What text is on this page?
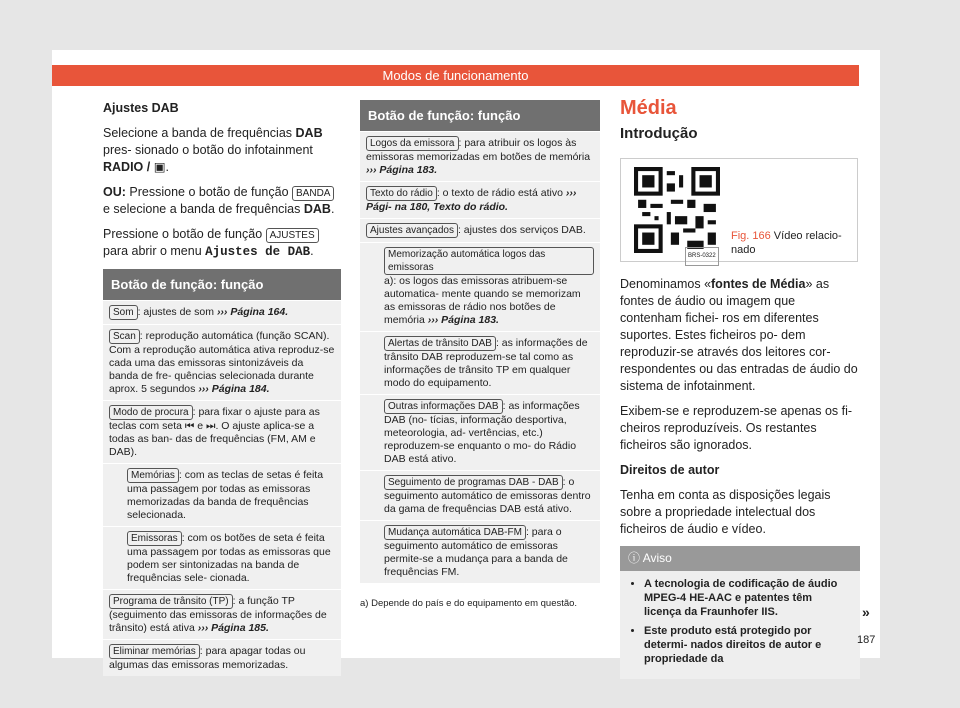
Modos de funcionamento

Ajustes DAB

Selecione a banda de frequências DAB pres- sionado o botão do infotainment RADIO / ▣.

OU: Pressione o botão de função BANDA e selecione a banda de frequências DAB.

Pressione o botão de função AJUSTES para abrir o menu Ajustes de DAB.

Botão de função: função
Som : ajustes de som ››› Página 164.
Scan : reprodução automática (função SCAN). Com a reprodução automática ativa reproduz-se cada uma das emissoras sintonizáveis da banda de fre- quências selecionada durante aprox. 5 segundos ››› Página 184.
Modo de procura : para fixar o ajuste para as teclas com seta ⏮ e ⏭. O ajuste aplica-se a todas as ban- das de frequências (FM, AM e DAB).
Memórias : com as teclas de setas é feita uma passagem por todas as emissoras memorizadas da banda de frequências selecionada.
Emissoras : com os botões de seta é feita uma passagem por todas as emissoras que podem ser sintonizadas na banda de frequências sele- cionada.
Programa de trânsito (TP) : a função TP (seguimento das emissoras de informações de trânsito) está ativa ››› Página 185.
Eliminar memórias : para apagar todas ou algumas das emissoras memorizadas.
Botão de função: função
Logos da emissora : para atribuir os logos às emissoras memorizadas em botões de memória ››› Página 183.
Texto do rádio : o texto de rádio está ativo ››› Pági- na 180, Texto do rádio.
Ajustes avançados : ajustes dos serviços DAB.
Memorização automática logos das emissorasa): os logos das emissoras atribuem-se automatica- mente quando se memorizam as emissoras de rádio nos botões de memória ››› Página 183.
Alertas de trânsito DAB : as informações de trânsito DAB reproduzem-se tal como as informações de trânsito TP em qualquer modo do equipamento.
Outras informações DAB : as informações DAB (no- tícias, informação desportiva, meteorologia, ad- vertências, etc.) reproduzem-se enquanto o mo- do Rádio DAB está ativo.
Seguimento de programas DAB - DAB : o seguimento automático de emissoras dentro da gama de frequências DAB está ativo.
Mudança automática DAB-FM : para o seguimento automático de emissoras permite-se a mudança para a banda de frequências FM.
a) Depende do país e do equipamento em questão.
Média
Introdução
BRS-0322
Fig. 166 Vídeo relacio- nado

Denominamos «fontes de Média» as fontes de áudio ou imagem que contenham fichei- ros em diferentes suportes. Estes ficheiros po- dem reproduzir-se através dos leitores cor- respondentes ou das entradas de áudio do sistema de infotainment.

Exibem-se e reproduzem-se apenas os fi- cheiros reproduzíveis. Os restantes ficheiros são ignorados.

Direitos de autor

Tenha em conta as disposições legais sobre a propriedade intelectual dos ficheiros de áudio e vídeo.

ⓘ Aviso
• A tecnologia de codificação de áudio MPEG-4 HE-AAC e patentes têm licença da Fraunhofer IIS.
• Este produto está protegido por determi- nados direitos de autor e propriedade da
»
187
